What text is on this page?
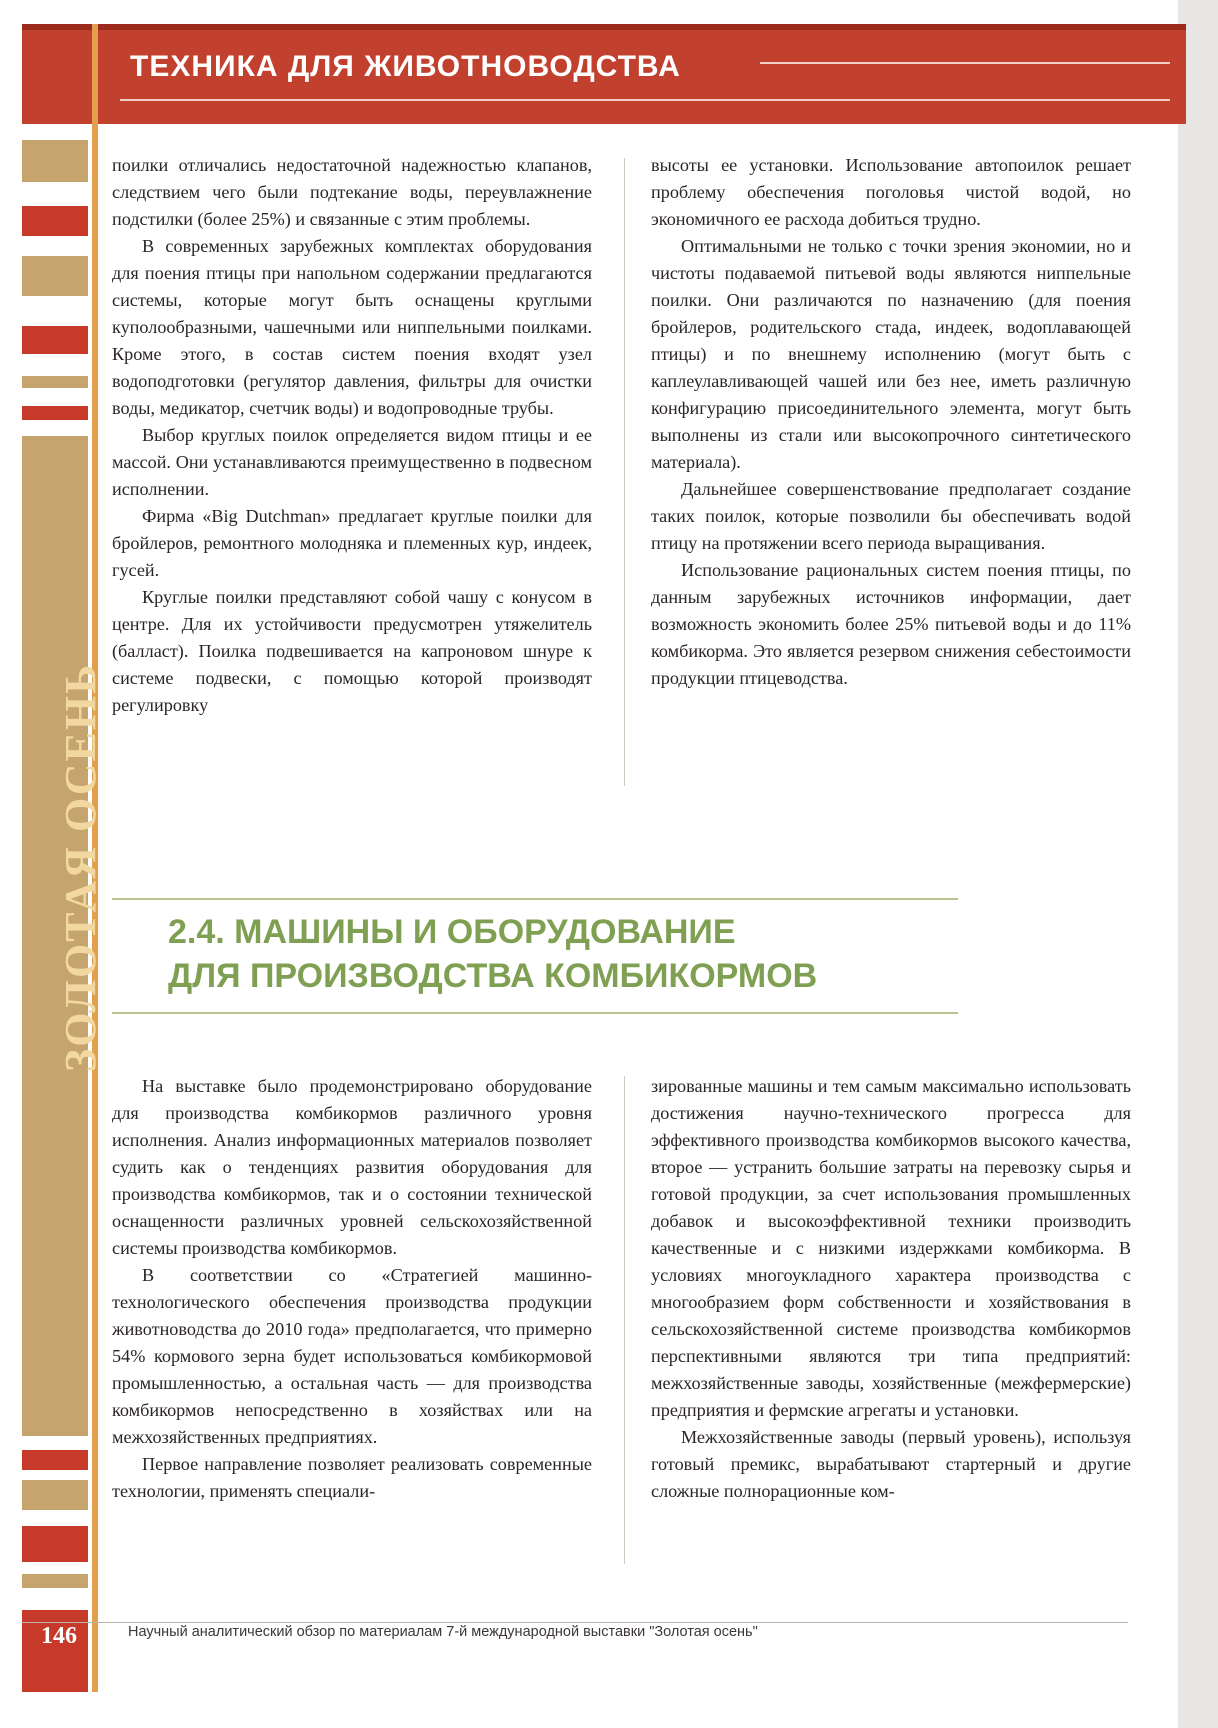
ТЕХНИКА ДЛЯ ЖИВОТНОВОДСТВА
ЗОЛОТАЯ ОСЕНЬ

поилки отличались недостаточной надежностью клапанов, следствием чего были подтекание воды, переувлажнение подстилки (более 25%) и связанные с этим проблемы.

В современных зарубежных комплектах оборудования для поения птицы при напольном содержании предлагаются системы, которые могут быть оснащены круглыми куполообразными, чашечными или ниппельными поилками. Кроме этого, в состав систем поения входят узел водоподготовки (регулятор давления, фильтры для очистки воды, медикатор, счетчик воды) и водопроводные трубы.

Выбор круглых поилок определяется видом птицы и ее массой. Они устанавливаются преимущественно в подвесном исполнении.

Фирма «Big Dutchman» предлагает круглые поилки для бройлеров, ремонтного молодняка и племенных кур, индеек, гусей.

Круглые поилки представляют собой чашу с конусом в центре. Для их устойчивости предусмотрен утяжелитель (балласт). Поилка подвешивается на капроновом шнуре к системе подвески, с помощью которой производят регулировку

высоты ее установки. Использование автопоилок решает проблему обеспечения поголовья чистой водой, но экономичного ее расхода добиться трудно.

Оптимальными не только с точки зрения экономии, но и чистоты подаваемой питьевой воды являются ниппельные поилки. Они различаются по назначению (для поения бройлеров, родительского стада, индеек, водоплавающей птицы) и по внешнему исполнению (могут быть с каплеулавливающей чашей или без нее, иметь различную конфигурацию присоединительного элемента, могут быть выполнены из стали или высокопрочного синтетического материала).

Дальнейшее совершенствование предполагает создание таких поилок, которые позволили бы обеспечивать водой птицу на протяжении всего периода выращивания.

Использование рациональных систем поения птицы, по данным зарубежных источников информации, дает возможность экономить более 25% питьевой воды и до 11% комбикорма. Это является резервом снижения себестоимости продукции птицеводства.

2.4. МАШИНЫ И ОБОРУДОВАНИЕ
ДЛЯ ПРОИЗВОДСТВА КОМБИКОРМОВ

На выставке было продемонстрировано оборудование для производства комбикормов различного уровня исполнения. Анализ информационных материалов позволяет судить как о тенденциях развития оборудования для производства комбикормов, так и о состоянии технической оснащенности различных уровней сельскохозяйственной системы производства комбикормов.

В соответствии со «Стратегией машинно-технологического обеспечения производства продукции животноводства до 2010 года» предполагается, что примерно 54% кормового зерна будет использоваться комбикормовой промышленностью, а остальная часть — для производства комбикормов непосредственно в хозяйствах или на межхозяйственных предприятиях.

Первое направление позволяет реализовать современные технологии, применять специали-

зированные машины и тем самым максимально использовать достижения научно-технического прогресса для эффективного производства комбикормов высокого качества, второе — устранить большие затраты на перевозку сырья и готовой продукции, за счет использования промышленных добавок и высокоэффективной техники производить качественные и с низкими издержками комбикорма. В условиях многоукладного характера производства с многообразием форм собственности и хозяйствования в сельскохозяйственной системе производства комбикормов перспективными являются три типа предприятий: межхозяйственные заводы, хозяйственные (межфермерские) предприятия и фермские агрегаты и установки.

Межхозяйственные заводы (первый уровень), используя готовый премикс, вырабатывают стартерный и другие сложные полнорационные ком-

146	Научный аналитический обзор по материалам 7-й международной выставки "Золотая осень"
